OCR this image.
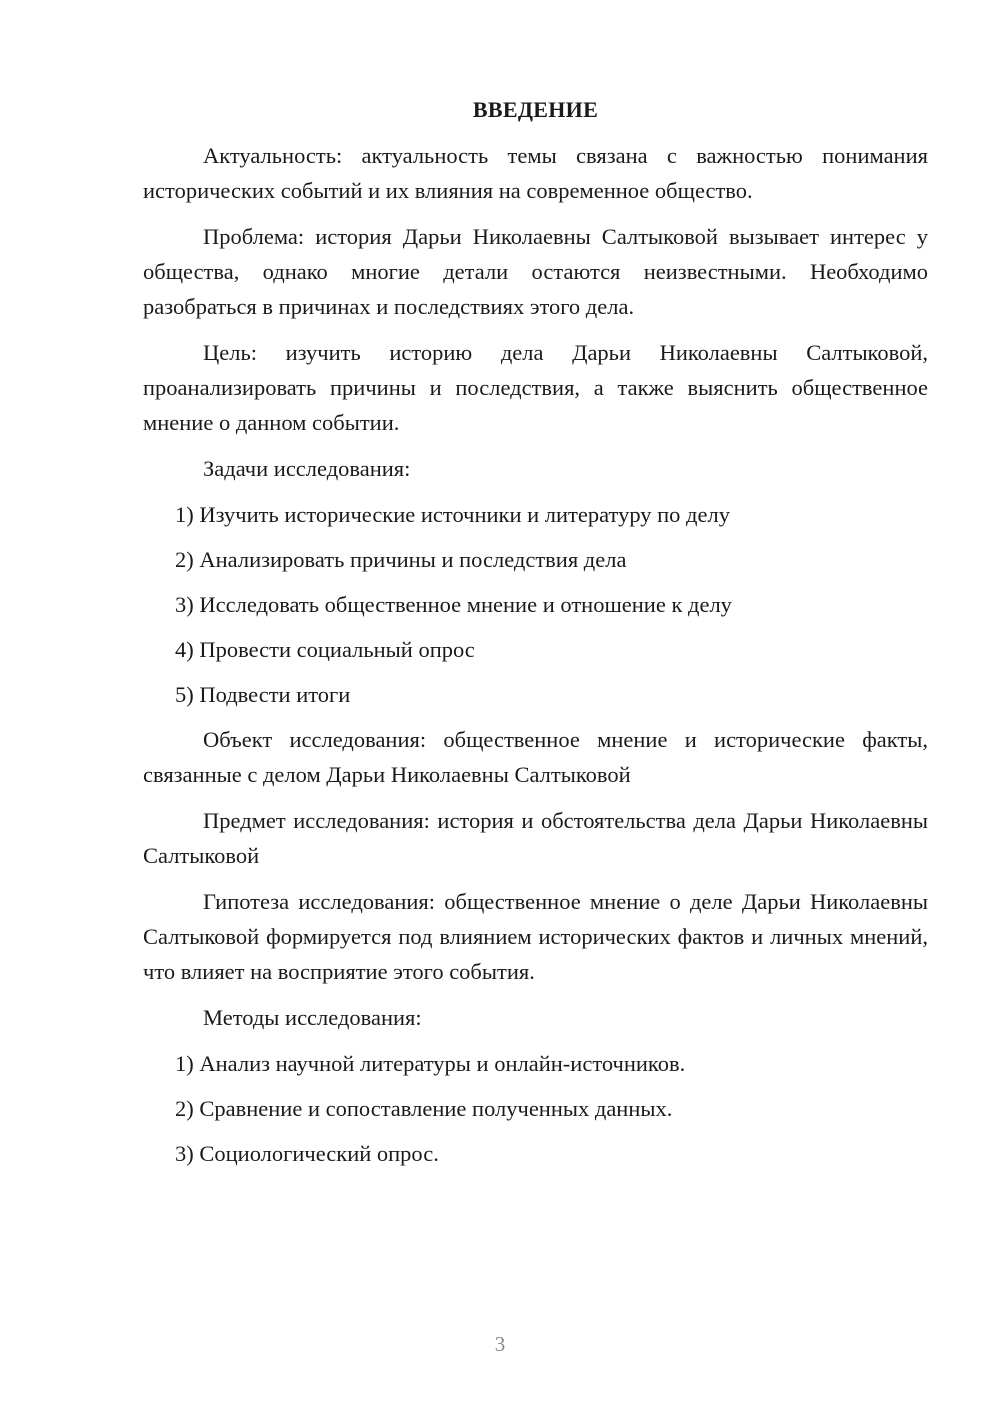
ВВЕДЕНИЕ

Актуальность: актуальность темы связана с важностью понимания исторических событий и их влияния на современное общество.

Проблема: история Дарьи Николаевны Салтыковой вызывает интерес у общества, однако многие детали остаются неизвестными. Необходимо разобраться в причинах и последствиях этого дела.

Цель: изучить историю дела Дарьи Николаевны Салтыковой, проанализировать причины и последствия, а также выяснить общественное мнение о данном событии.

Задачи исследования:

1) Изучить исторические источники и литературу по делу
2) Анализировать причины и последствия дела
3) Исследовать общественное мнение и отношение к делу
4) Провести социальный опрос
5) Подвести итоги

Объект исследования: общественное мнение и исторические факты, связанные с делом Дарьи Николаевны Салтыковой

Предмет исследования: история и обстоятельства дела Дарьи Николаевны Салтыковой

Гипотеза исследования: общественное мнение о деле Дарьи Николаевны Салтыковой формируется под влиянием исторических фактов и личных мнений, что влияет на восприятие этого события.

Методы исследования:

1) Анализ научной литературы и онлайн-источников.
2) Сравнение и сопоставление полученных данных.
3) Социологический опрос.
3
